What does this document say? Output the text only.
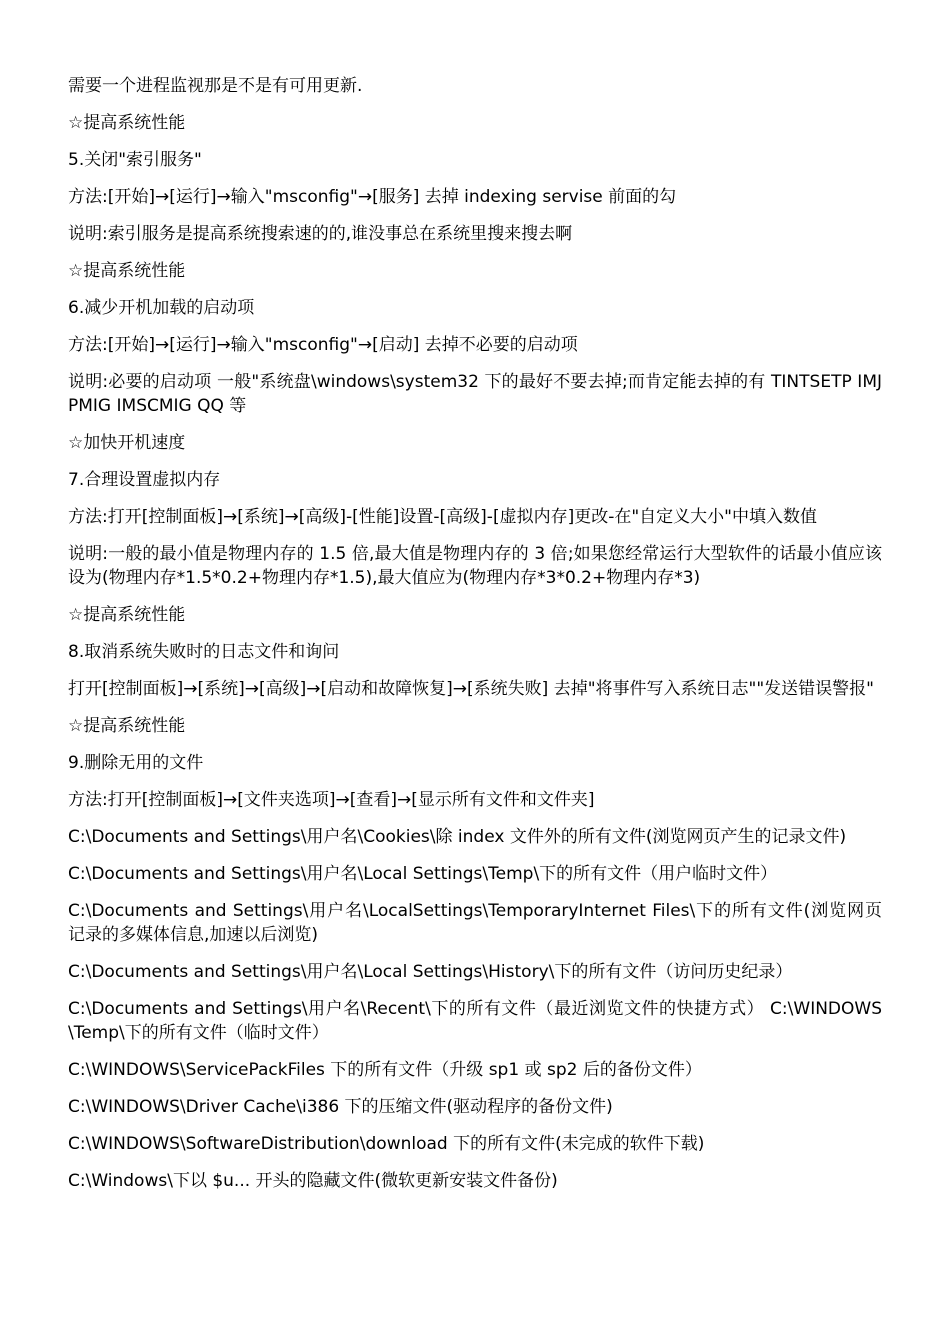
需要一个进程监视那是不是有可用更新.

☆提高系统性能

5.关闭"索引服务"

方法:[开始]→[运行]→输入"msconfig"→[服务] 去掉 indexing servise 前面的勾

说明:索引服务是提高系统搜索速的的,谁没事总在系统里搜来搜去啊

☆提高系统性能

6.减少开机加载的启动项

方法:[开始]→[运行]→输入"msconfig"→[启动] 去掉不必要的启动项

说明:必要的启动项 一般"系统盘\windows\system32 下的最好不要去掉;而肯定能去掉的有 TINTSETP IMJPMIG IMSCMIG QQ 等

☆加快开机速度

7.合理设置虚拟内存

方法:打开[控制面板]→[系统]→[高级]-[性能]设置-[高级]-[虚拟内存]更改-在"自定义大小"中填入数值

说明:一般的最小值是物理内存的 1.5 倍,最大值是物理内存的 3 倍;如果您经常运行大型软件的话最小值应该设为(物理内存*1.5*0.2+物理内存*1.5),最大值应为(物理内存*3*0.2+物理内存*3)

☆提高系统性能

8.取消系统失败时的日志文件和询问

打开[控制面板]→[系统]→[高级]→[启动和故障恢复]→[系统失败] 去掉"将事件写入系统日志""发送错误警报"

☆提高系统性能

9.删除无用的文件

方法:打开[控制面板]→[文件夹选项]→[查看]→[显示所有文件和文件夹]

C:\Documents and Settings\用户名\Cookies\除 index 文件外的所有文件(浏览网页产生的记录文件)

C:\Documents and Settings\用户名\Local Settings\Temp\下的所有文件（用户临时文件）

C:\Documents and Settings\用户名\LocalSettings\TemporaryInternet Files\下的所有文件(浏览网页记录的多媒体信息,加速以后浏览)

C:\Documents and Settings\用户名\Local Settings\History\下的所有文件（访问历史纪录）

C:\Documents and Settings\用户名\Recent\下的所有文件（最近浏览文件的快捷方式） C:\WINDOWS\Temp\下的所有文件（临时文件）

C:\WINDOWS\ServicePackFiles 下的所有文件（升级 sp1 或 sp2 后的备份文件）

C:\WINDOWS\Driver Cache\i386 下的压缩文件(驱动程序的备份文件)

C:\WINDOWS\SoftwareDistribution\download 下的所有文件(未完成的软件下载)

C:\Windows\下以 $u... 开头的隐藏文件(微软更新安装文件备份)
